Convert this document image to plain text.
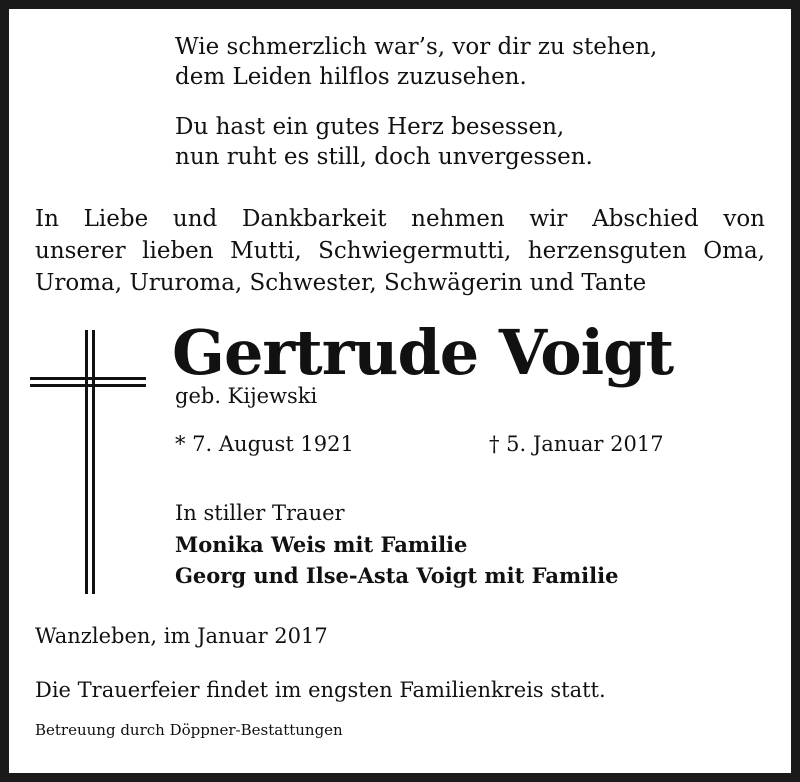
Wie schmerzlich war’s, vor dir zu stehen,

dem Leiden hilflos zuzusehen.

Du hast ein gutes Herz besessen,

nun ruht es still, doch unvergessen.

In Liebe und Dankbarkeit nehmen wir Abschied von

unserer lieben Mutti, Schwiegermutti, herzensguten Oma,

Uroma, Ururoma, Schwester, Schwägerin und Tante

Gertrude Voigt

geb. Kijewski

* 7. August 1921	† 5. Januar 2017

In stiller Trauer

Monika Weis mit Familie

Georg und Ilse-Asta Voigt mit Familie

Wanzleben, im Januar 2017

Die Trauerfeier findet im engsten Familienkreis statt.

Betreuung durch Döppner-Bestattungen
